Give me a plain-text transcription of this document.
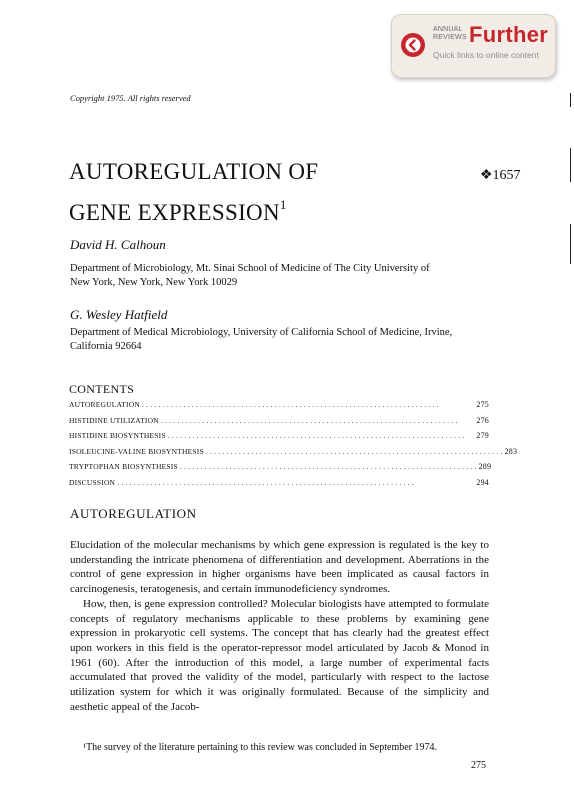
ANNUAL
REVIEWS Further
Quick links to online content
Copyright 1975. All rights reserved
AUTOREGULATION OF
GENE EXPRESSION$^1$
❖1657
David H. Calhoun
Department of Microbiology, Mt. Sinai School of Medicine of The City University of
New York, New York, New York 10029
G. Wesley Hatfield
Department of Medical Microbiology, University of California School of Medicine, Irvine,
California 92664
CONTENTS
AUTOREGULATION . . . . . . . . . . . . . . . . . . . . . . . . . . . . . . . . . . . . . . . . . . . . . . . . . . . . . . . . . . . . . . . . . . . . . . . .	275
HISTIDINE UTILIZATION . . . . . . . . . . . . . . . . . . . . . . . . . . . . . . . . . . . . . . . . . . . . . . . . . . . . . . . . . . . . . . . . . . . . . . . .	276
HISTIDINE BIOSYNTHESIS . . . . . . . . . . . . . . . . . . . . . . . . . . . . . . . . . . . . . . . . . . . . . . . . . . . . . . . . . . . . . . . . . . . . . . . .	279
ISOLEUCINE-VALINE BIOSYNTHESIS . . . . . . . . . . . . . . . . . . . . . . . . . . . . . . . . . . . . . . . . . . . . . . . . . . . . . . . . . . . . . . . . . . . . . . . . 283
TRYPTOPHAN BIOSYNTHESIS . . . . . . . . . . . . . . . . . . . . . . . . . . . . . . . . . . . . . . . . . . . . . . . . . . . . . . . . . . . . . . . . . . . . . . . . 289
DISCUSSION . . . . . . . . . . . . . . . . . . . . . . . . . . . . . . . . . . . . . . . . . . . . . . . . . . . . . . . . . . . . . . . . . . . . . . . .	294
AUTOREGULATION

Elucidation of the molecular mechanisms by which gene expression is regulated is the key to understanding the intricate phenomena of differentiation and development. Aberrations in the control of gene expression in higher organisms have been implicated as causal factors in carcinogenesis, teratogenesis, and certain immunodeficiency syndromes.

How, then, is gene expression controlled? Molecular biologists have attempted to formulate concepts of regulatory mechanisms applicable to these problems by examining gene expression in prokaryotic cell systems. The concept that has clearly had the greatest effect upon workers in this field is the operator-repressor model articulated by Jacob & Monod in 1961 (60). After the introduction of this model, a large number of experimental facts accumulated that proved the validity of the model, particularly with respect to the lactose utilization system for which it was originally formulated. Because of the simplicity and aesthetic appeal of the Jacob-

¹The survey of the literature pertaining to this review was concluded in September 1974.
275
